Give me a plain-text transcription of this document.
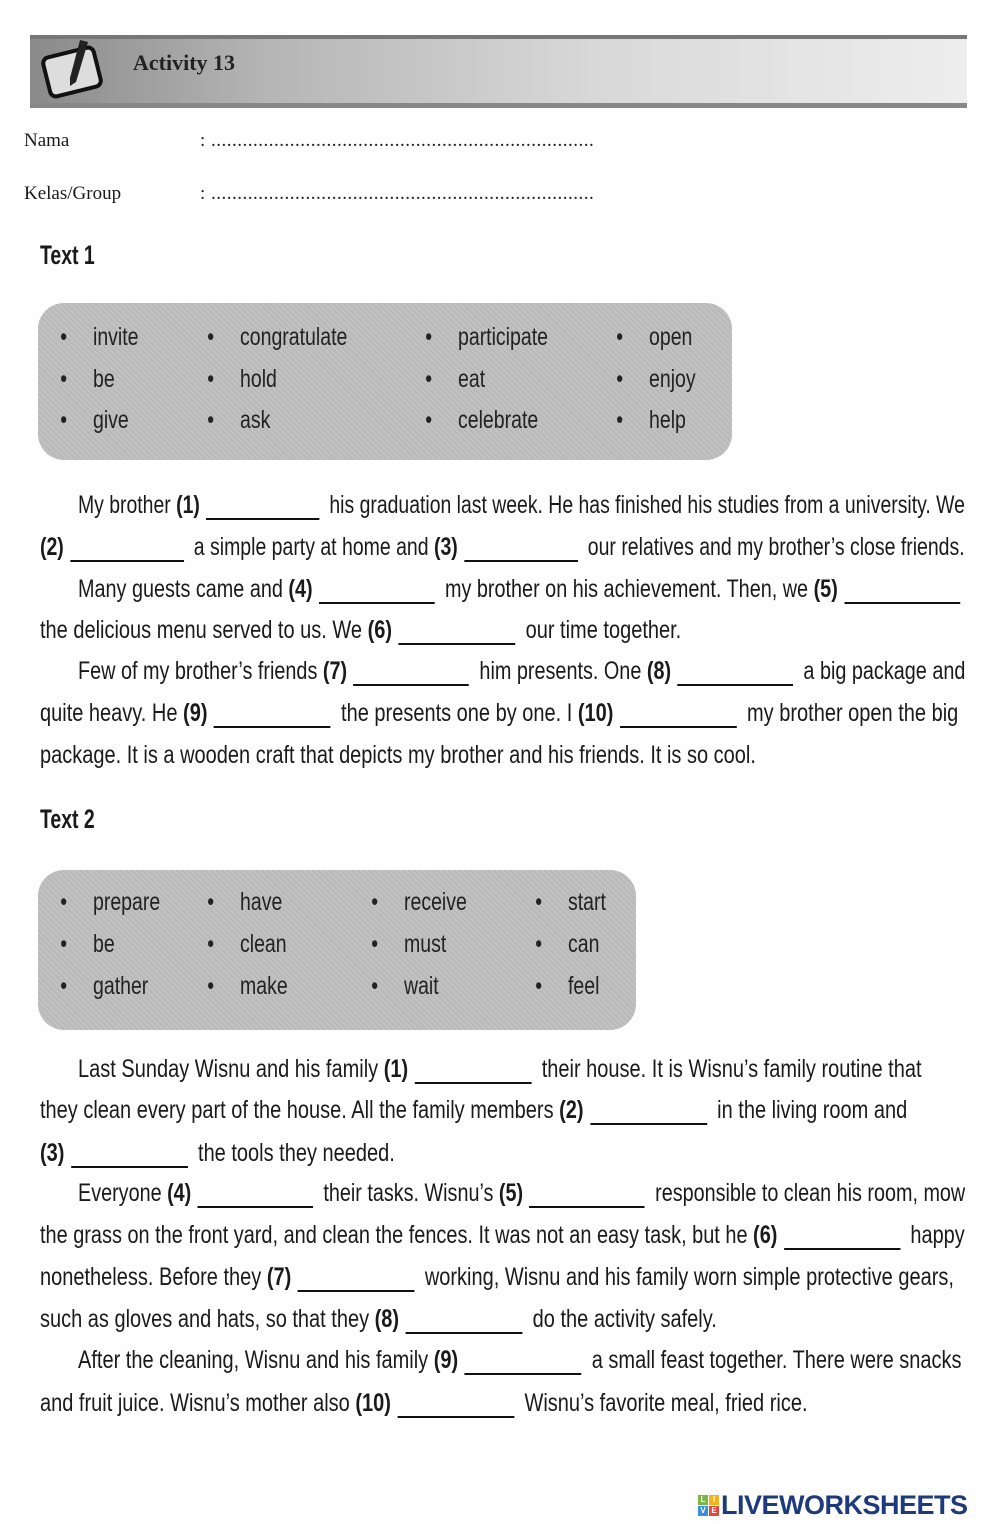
Activity 13
Nama	: .........................................................................
Kelas/Group	: .........................................................................
Text 1
Text 2
L I
V E LIVEWORKSHEETS
• invite	• congratulate	• participate	• open
• be	• hold	• eat	• enjoy
• give	• ask	• celebrate	• help
• prepare	• have	• receive	• start
• be	• clean	• must	• can
• gather	• make	• wait	• feel
My brother (1)	his graduation last week. He has finished his studies from a university. We
(2)	a simple party at home and (3)	our relatives and my brother’s close friends.
Many guests came and (4)	my brother on his achievement. Then, we (5)
the delicious menu served to us. We (6)	our time together.
Few of my brother’s friends (7)	him presents. One (8)	a big package and
quite heavy. He (9)	the presents one by one. I (10)	my brother open the big
package. It is a wooden craft that depicts my brother and his friends. It is so cool.
Last Sunday Wisnu and his family (1)	their house. It is Wisnu’s family routine that
they clean every part of the house. All the family members (2)	in the living room and
(3)	the tools they needed.
Everyone (4)	their tasks. Wisnu’s (5)	responsible to clean his room, mow
the grass on the front yard, and clean the fences. It was not an easy task, but he (6)	happy
nonetheless. Before they (7)	working, Wisnu and his family worn simple protective gears,
such as gloves and hats, so that they (8)	do the activity safely.
After the cleaning, Wisnu and his family (9)	a small feast together. There were snacks
and fruit juice. Wisnu’s mother also (10)	Wisnu’s favorite meal, fried rice.
